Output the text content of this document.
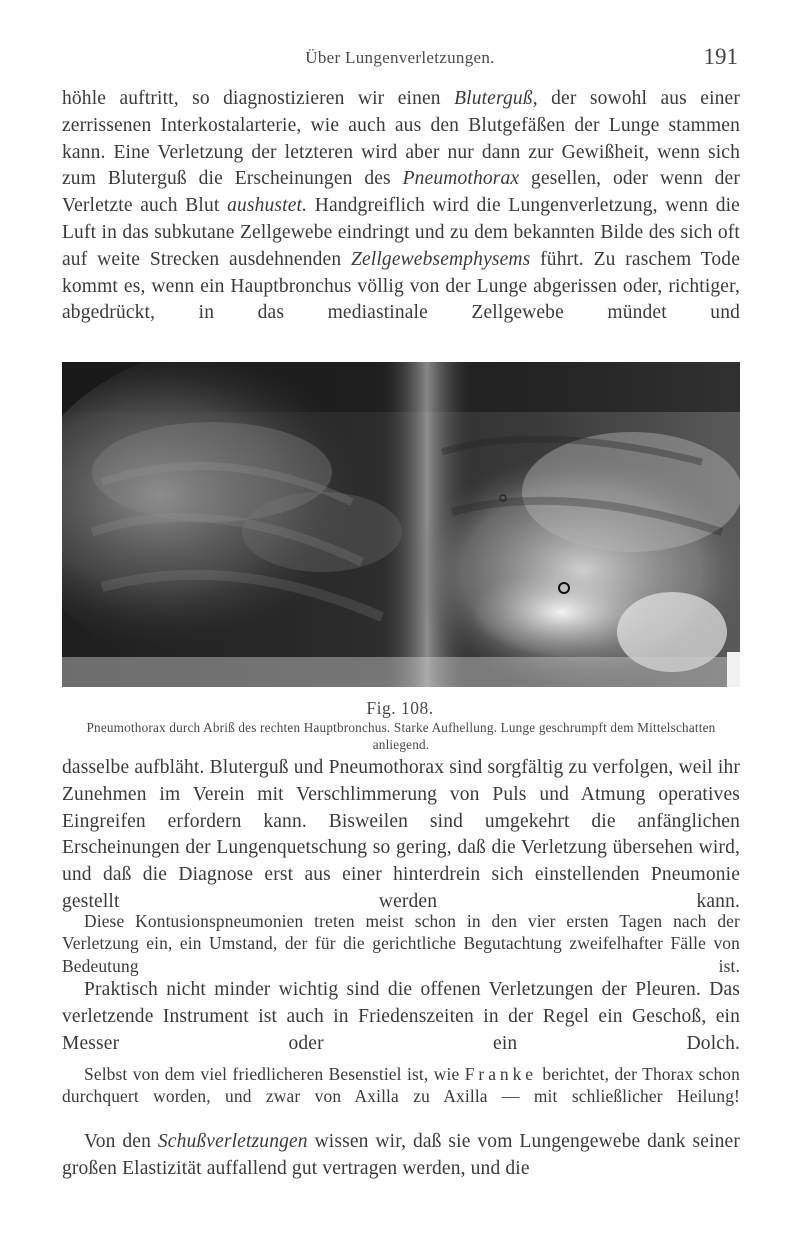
Über Lungenverletzungen.	191

höhle auftritt, so diagnostizieren wir einen Bluterguß, der sowohl aus einer zerrissenen Interkostalarterie, wie auch aus den Blutgefäßen der Lunge stammen kann. Eine Verletzung der letzteren wird aber nur dann zur Gewißheit, wenn sich zum Bluterguß die Erscheinungen des Pneumothorax gesellen, oder wenn der Verletzte auch Blut aushustet. Handgreiflich wird die Lungenverletzung, wenn die Luft in das subkutane Zellgewebe eindringt und zu dem bekannten Bilde des sich oft auf weite Strecken ausdehnenden Zellgewebsemphysems führt. Zu raschem Tode kommt es, wenn ein Hauptbronchus völlig von der Lunge abgerissen oder, richtiger, abgedrückt, in das mediastinale Zellgewebe mündet und

Fig. 108.
Pneumothorax durch Abriß des rechten Hauptbronchus. Starke Aufhellung. Lunge geschrumpft dem Mittelschatten anliegend.

dasselbe aufbläht. Bluterguß und Pneumothorax sind sorgfältig zu verfolgen, weil ihr Zunehmen im Verein mit Verschlimmerung von Puls und Atmung operatives Eingreifen erfordern kann. Bisweilen sind umgekehrt die anfänglichen Erscheinungen der Lungenquetschung so gering, daß die Verletzung übersehen wird, und daß die Diagnose erst aus einer hinterdrein sich einstellenden Pneumonie gestellt werden kann.

Diese Kontusionspneumonien treten meist schon in den vier ersten Tagen nach der Verletzung ein, ein Umstand, der für die gerichtliche Begutachtung zweifelhafter Fälle von Bedeutung ist.

Praktisch nicht minder wichtig sind die offenen Verletzungen der Pleuren. Das verletzende Instrument ist auch in Friedenszeiten in der Regel ein Geschoß, ein Messer oder ein Dolch.

Selbst von dem viel friedlicheren Besenstiel ist, wie Franke berichtet, der Thorax schon durchquert worden, und zwar von Axilla zu Axilla — mit schließlicher Heilung!

Von den Schußverletzungen wissen wir, daß sie vom Lungengewebe dank seiner großen Elastizität auffallend gut vertragen werden, und die
